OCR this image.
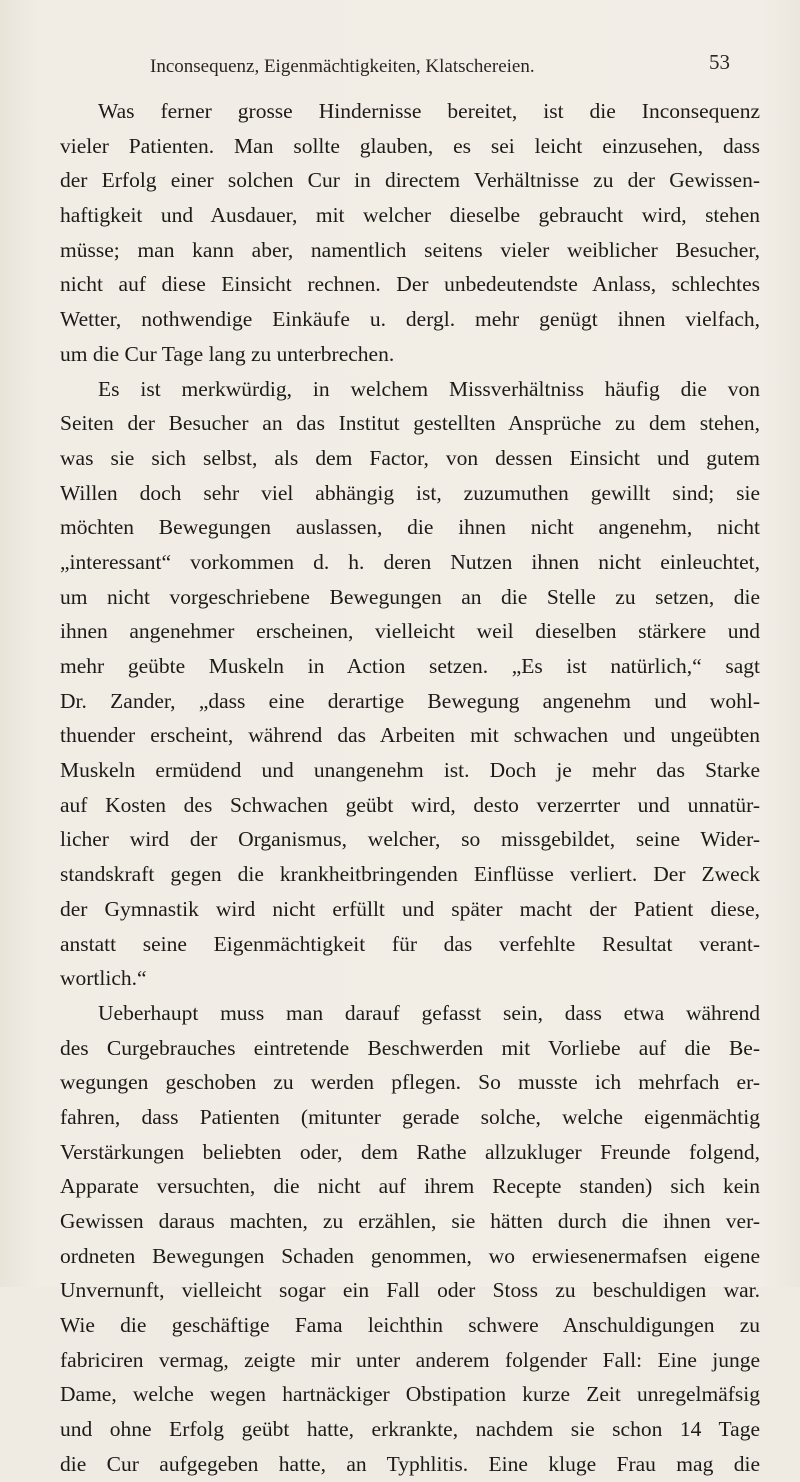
Inconsequenz, Eigenmächtigkeiten, Klatschereien.	53
Was ferner grosse Hindernisse bereitet, ist die Inconsequenz
vieler Patienten. Man sollte glauben, es sei leicht einzusehen, dass
der Erfolg einer solchen Cur in directem Verhältnisse zu der Gewissen-
haftigkeit und Ausdauer, mit welcher dieselbe gebraucht wird, stehen
müsse; man kann aber, namentlich seitens vieler weiblicher Besucher,
nicht auf diese Einsicht rechnen. Der unbedeutendste Anlass, schlechtes
Wetter, nothwendige Einkäufe u. dergl. mehr genügt ihnen vielfach,
um die Cur Tage lang zu unterbrechen.
Es ist merkwürdig, in welchem Missverhältniss häufig die von
Seiten der Besucher an das Institut gestellten Ansprüche zu dem stehen,
was sie sich selbst, als dem Factor, von dessen Einsicht und gutem
Willen doch sehr viel abhängig ist, zuzumuthen gewillt sind; sie
möchten Bewegungen auslassen, die ihnen nicht angenehm, nicht
„interessant“ vorkommen d. h. deren Nutzen ihnen nicht einleuchtet,
um nicht vorgeschriebene Bewegungen an die Stelle zu setzen, die
ihnen angenehmer erscheinen, vielleicht weil dieselben stärkere und
mehr geübte Muskeln in Action setzen. „Es ist natürlich,“ sagt
Dr. Zander, „dass eine derartige Bewegung angenehm und wohl-
thuender erscheint, während das Arbeiten mit schwachen und ungeübten
Muskeln ermüdend und unangenehm ist. Doch je mehr das Starke
auf Kosten des Schwachen geübt wird, desto verzerrter und unnatür-
licher wird der Organismus, welcher, so missgebildet, seine Wider-
standskraft gegen die krankheitbringenden Einflüsse verliert. Der Zweck
der Gymnastik wird nicht erfüllt und später macht der Patient diese,
anstatt seine Eigenmächtigkeit für das verfehlte Resultat verant-
wortlich.“
Ueberhaupt muss man darauf gefasst sein, dass etwa während
des Curgebrauches eintretende Beschwerden mit Vorliebe auf die Be-
wegungen geschoben zu werden pflegen. So musste ich mehrfach er-
fahren, dass Patienten (mitunter gerade solche, welche eigenmächtig
Verstärkungen beliebten oder, dem Rathe allzukluger Freunde folgend,
Apparate versuchten, die nicht auf ihrem Recepte standen) sich kein
Gewissen daraus machten, zu erzählen, sie hätten durch die ihnen ver-
ordneten Bewegungen Schaden genommen, wo erwiesenermafsen eigene
Unvernunft, vielleicht sogar ein Fall oder Stoss zu beschuldigen war.
Wie die geschäftige Fama leichthin schwere Anschuldigungen zu
fabriciren vermag, zeigte mir unter anderem folgender Fall: Eine junge
Dame, welche wegen hartnäckiger Obstipation kurze Zeit unregelmäfsig
und ohne Erfolg geübt hatte, erkrankte, nachdem sie schon 14 Tage
die Cur aufgegeben hatte, an Typhlitis. Eine kluge Frau mag die
